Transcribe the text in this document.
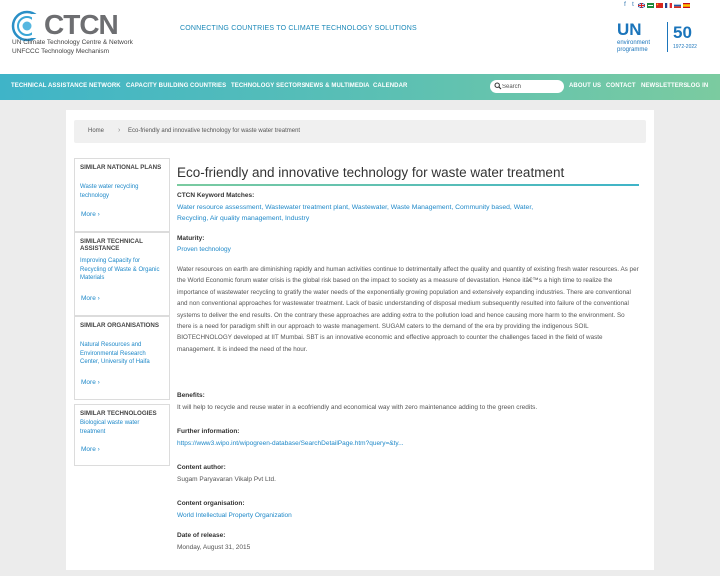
CTCN
UN Climate Technology Centre & Network
UNFCCC Technology Mechanism
CONNECTING COUNTRIES TO CLIMATE TECHNOLOGY SOLUTIONS
f	t
UN
environment
programme
50
1972-2022
TECHNICAL ASSISTANCE NETWORK CAPACITY BUILDING COUNTRIES TECHNOLOGY SECTORS NEWS & MULTIMEDIA CALENDAR
Search	ABOUT US CONTACT NEWSLETTERS LOG IN
Home › Eco-friendly and innovative technology for waste water treatment
SIMILAR NATIONAL PLANS
Waste water recycling technology
More ›
SIMILAR TECHNICAL ASSISTANCE
Improving Capacity for Recycling of Waste & Organic Materials
More ›
SIMILAR ORGANISATIONS
Natural Resources and Environmental Research Center, University of Haifa
More ›
SIMILAR TECHNOLOGIES
Biological waste water treatment
More ›
Eco-friendly and innovative technology for waste water treatment
CTCN Keyword Matches:
Water resource assessment, Wastewater treatment plant, Wastewater, Waste Management, Community based, Water,
Recycling, Air quality management, Industry
Maturity:
Proven technology
Water resources on earth are diminishing rapidly and human activities continue to detrimentally affect the quality and quantity of existing fresh water resources. As per the World Economic forum water crisis is the global risk based on the impact to society as a measure of devastation. Hence itâ€™s a high time to realize the importance of wastewater recycling to gratify the water needs of the exponentially growing population and extensively expanding industries. There are conventional and non conventional approaches for wastewater treatment. Lack of basic understanding of disposal medium subsequently resulted into failure of the conventional systems to deliver the end results. On the contrary these approaches are adding extra to the pollution load and hence causing more harm to the environment. So there is a need for paradigm shift in our approach to waste management. SUGAM caters to the demand of the era by providing the indigenous SOIL BIOTECHNOLOGY developed at IIT Mumbai. SBT is an innovative economic and effective approach to counter the challenges faced in the field of waste management. It is indeed the need of the hour.
Benefits:
It will help to recycle and reuse water in a ecofriendly and economical way with zero maintenance adding to the green credits.
Further information:
https://www3.wipo.int/wipogreen-database/SearchDetailPage.htm?query=&ty...
Content author:
Sugam Paryavaran Vikalp Pvt Ltd.
Content organisation:
World Intellectual Property Organization
Date of release:
Monday, August 31, 2015
